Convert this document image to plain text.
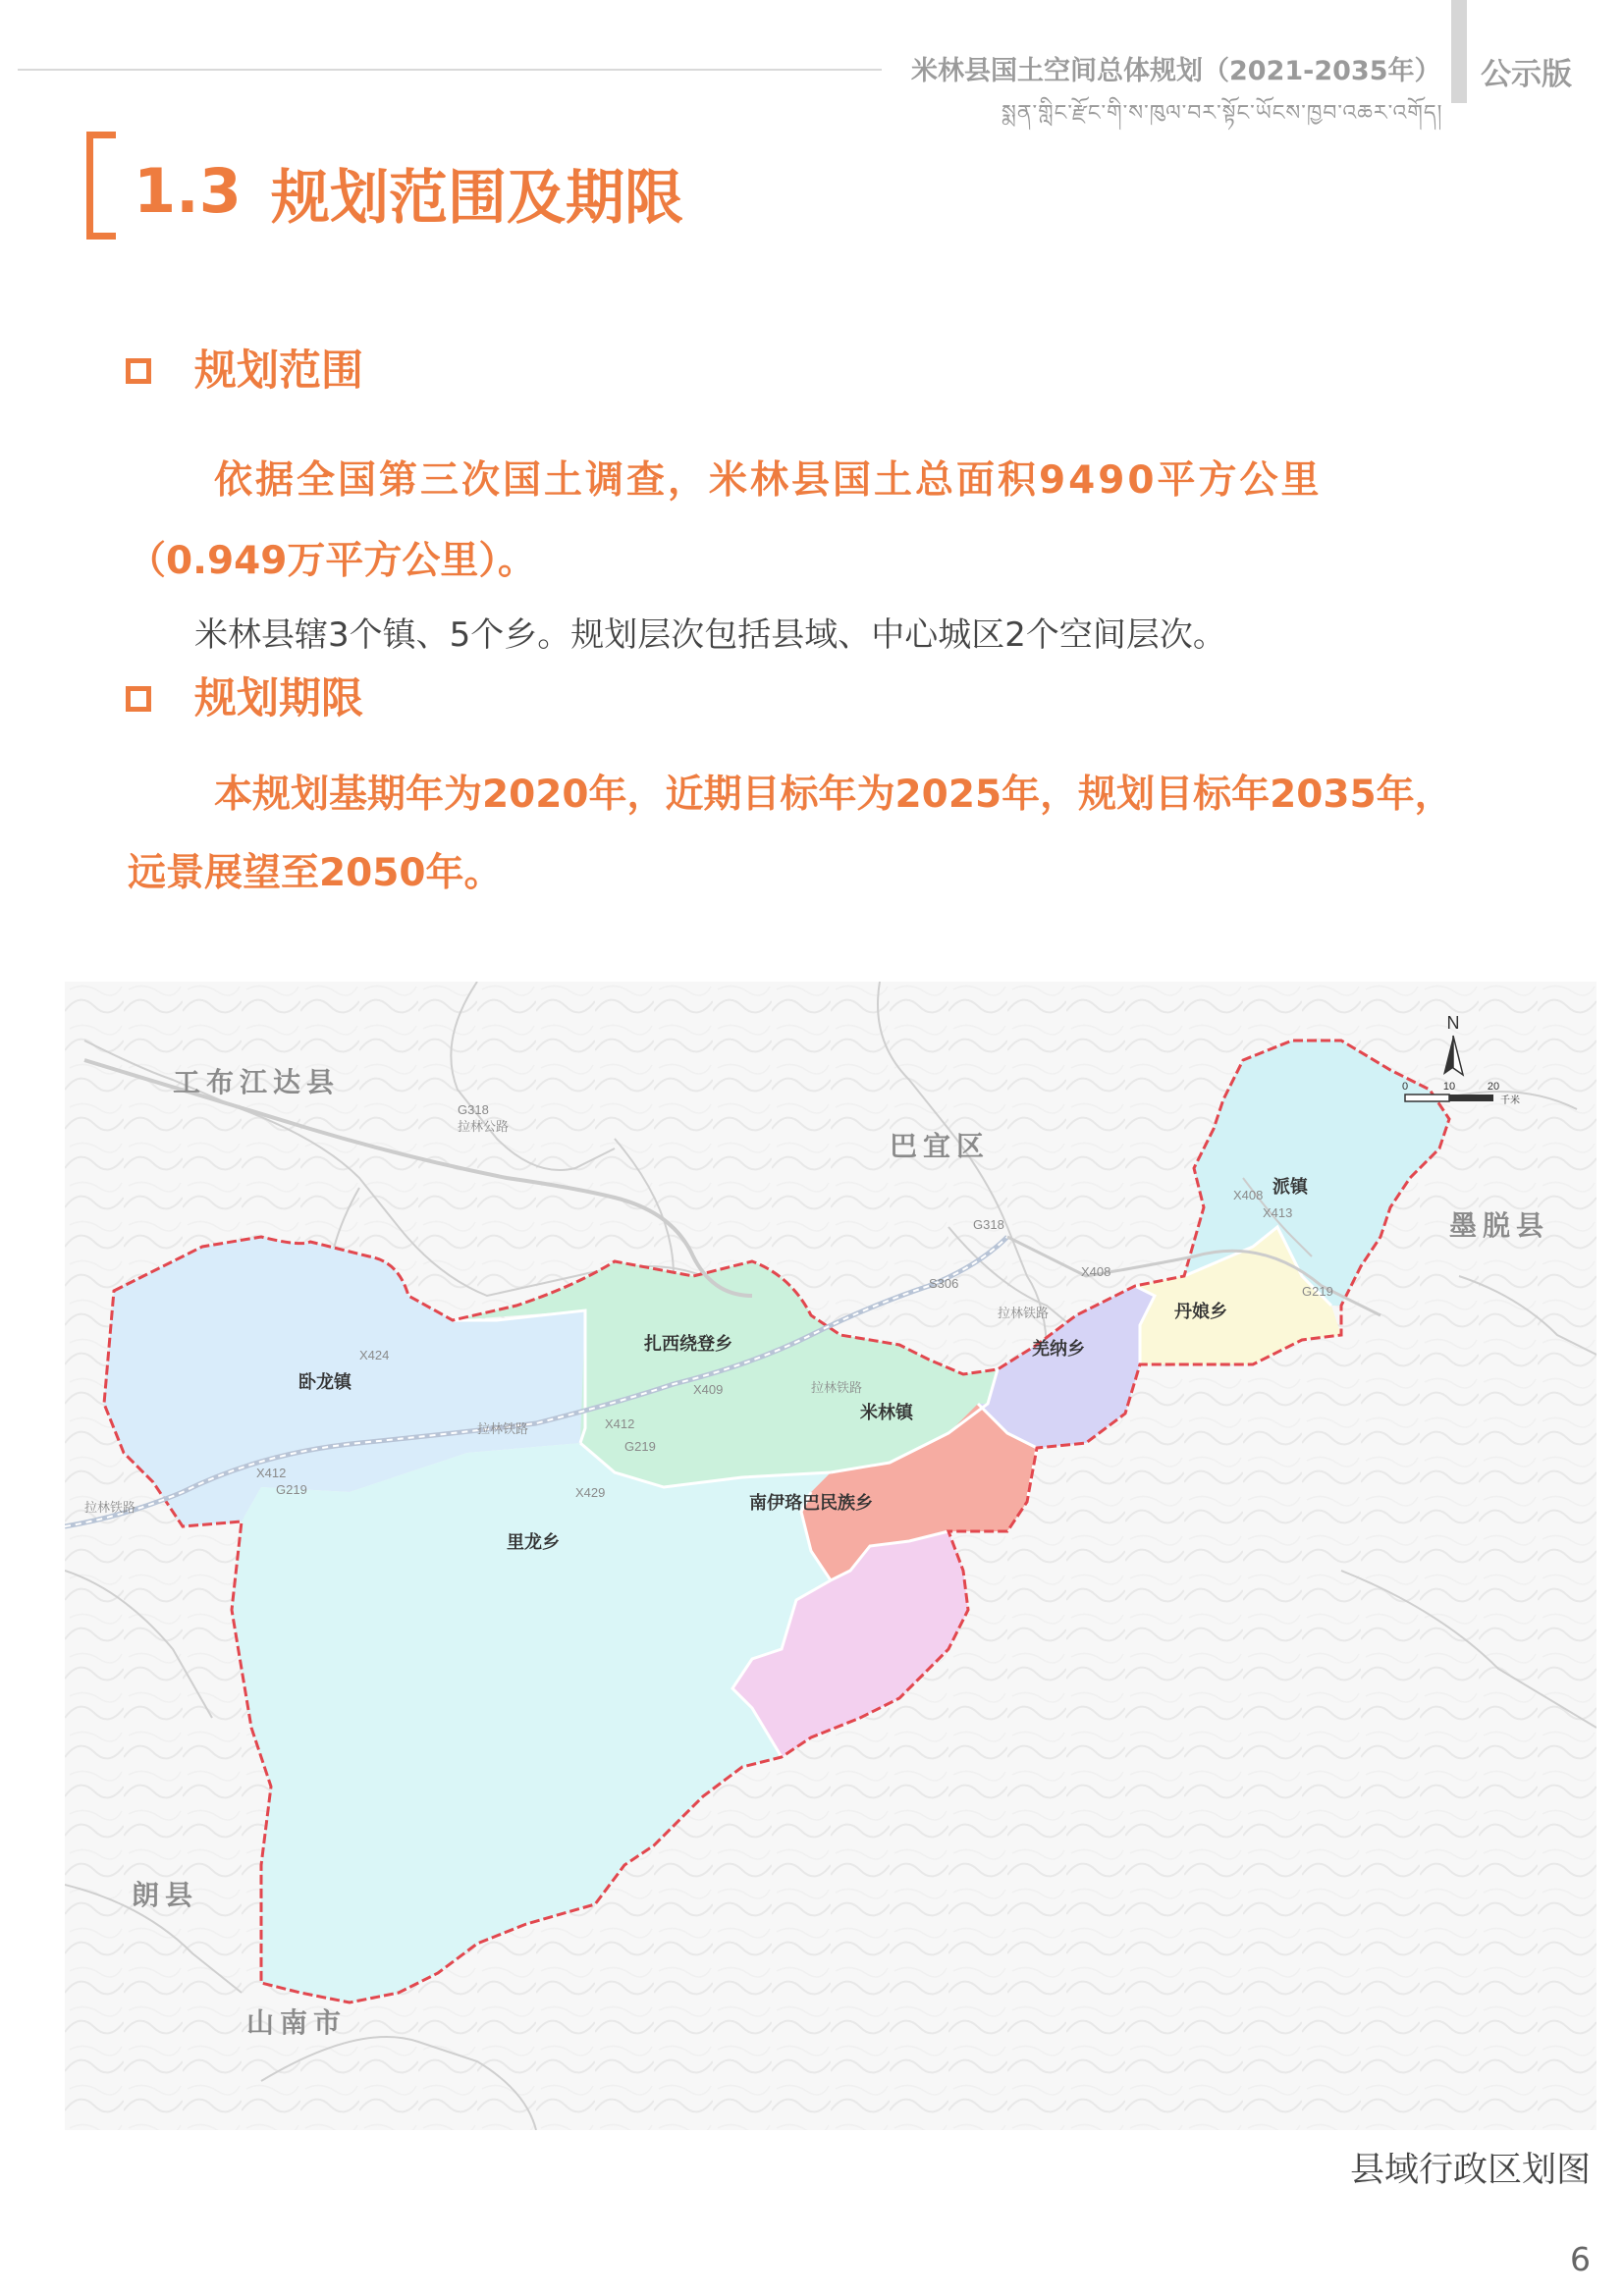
米林县国土空间总体规划（2021-2035年）
སྨན་གླིང་རྫོང་གི་ས་ཁུལ་བར་སྟོང་ཡོངས་ཁྱབ་འཆར་འགོད།
公示版
1.3 规划范围及期限
规划范围
依据全国第三次国土调查，米林县国土总面积9490平方公里
（0.949万平方公里）。
米林县辖3个镇、5个乡。规划层次包括县域、中心城区2个空间层次。
规划期限
本规划基期年为2020年，近期目标年为2025年，规划目标年2035年，
远景展望至2050年。
工布江达县
巴宜区
墨脱县
朗县
山南市
派镇
丹娘乡
羌纳乡
米林镇
扎西绕登乡
卧龙镇
里龙乡
南伊珞巴民族乡
G318
拉林公路
G318
S306
X408
X408
X413
G219
X424
X409	拉林铁路
拉林铁路
拉林铁路	X412
G219
X412
G219
拉林铁路
X429
N
0	10	20
千米
县域行政区划图
6
